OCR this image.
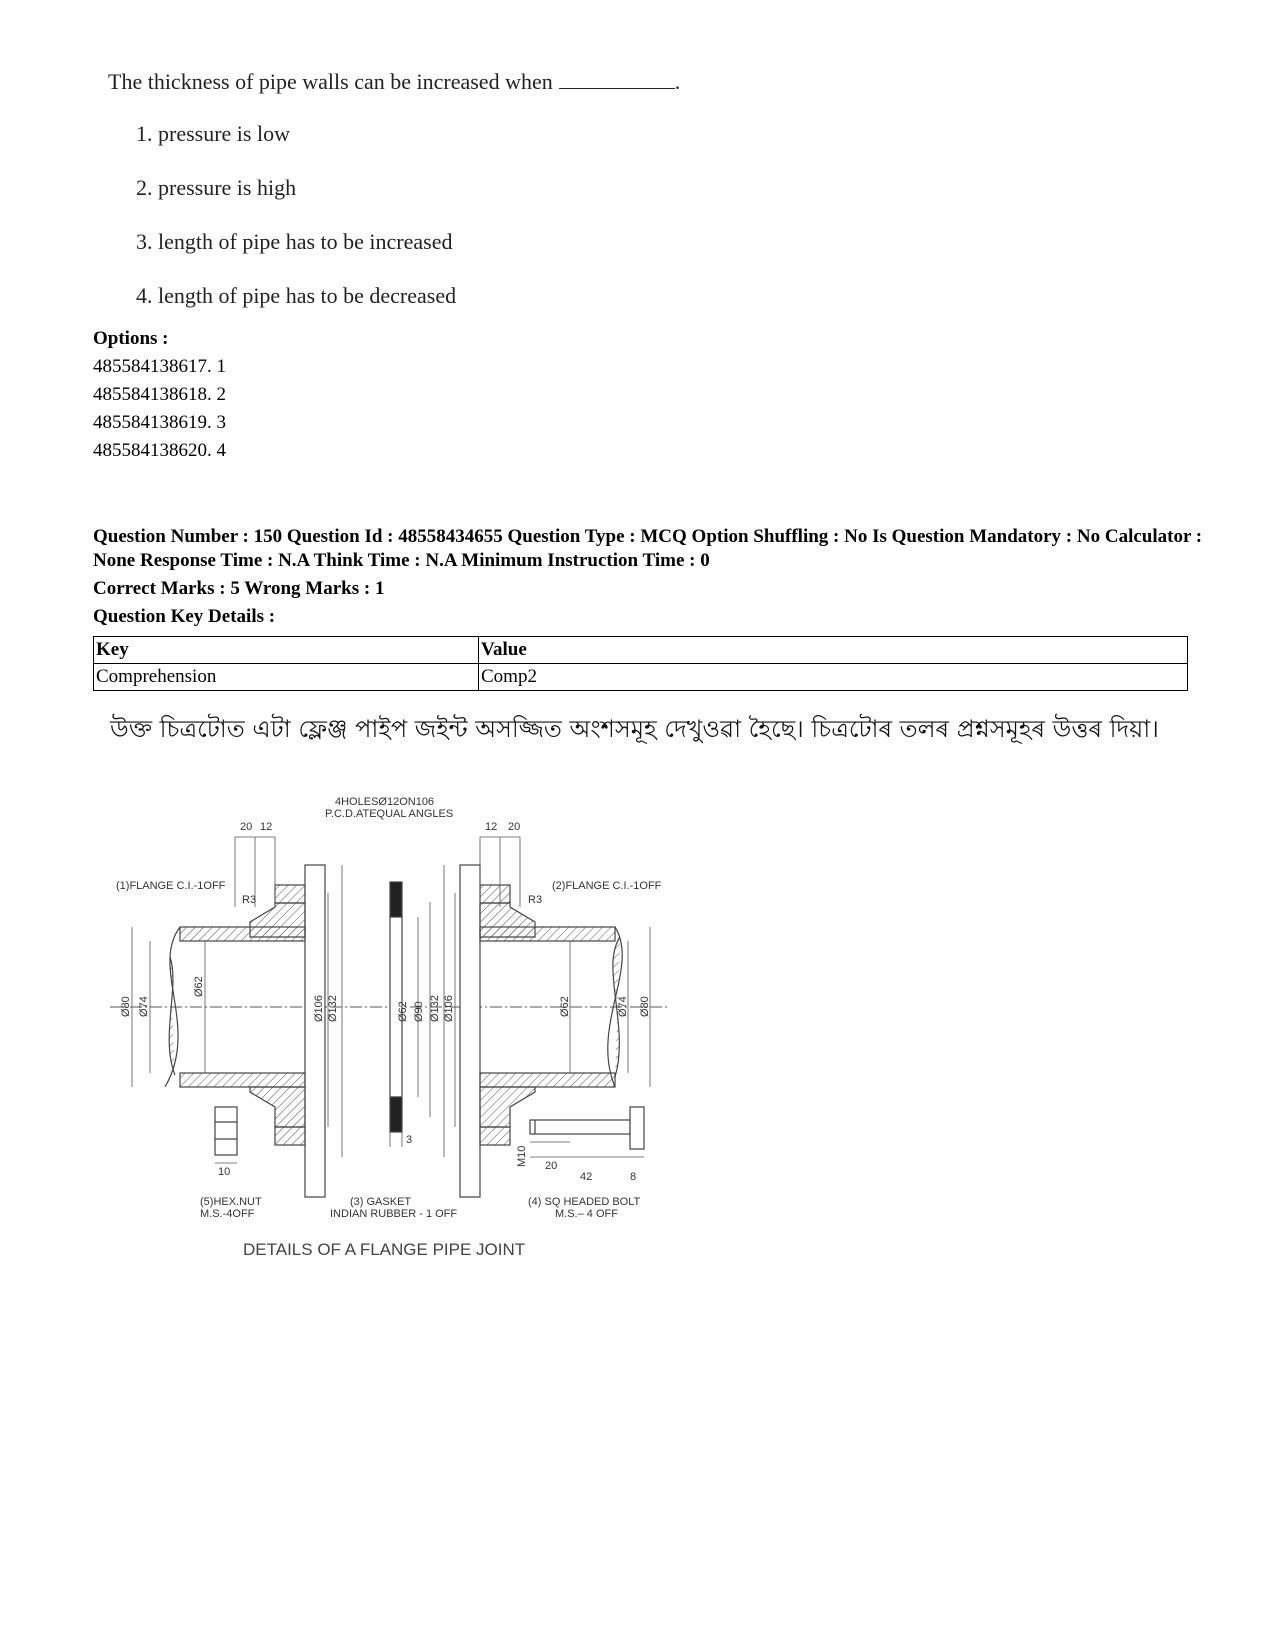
The thickness of pipe walls can be increased when	.
1. pressure is low
2. pressure is high
3. length of pipe has to be increased
4. length of pipe has to be decreased
Options :
485584138617. 1
485584138618. 2
485584138619. 3
485584138620. 4
Question Number : 150 Question Id : 48558434655 Question Type : MCQ Option Shuffling : No Is Question Mandatory : No Calculator : None Response Time : N.A Think Time : N.A Minimum Instruction Time : 0
Correct Marks : 5 Wrong Marks : 1
Question Key Details :
Key	Value
Comprehension	Comp2
উক্ত চিত্ৰটোত এটা ফ্লেঞ্জ পাইপ জইন্ট অসজ্জিত অংশসমূহ দেখুওৱা হৈছে। চিত্ৰটোৰ তলৰ প্ৰশ্নসমূহৰ উত্তৰ দিয়া।
4HOLESØ12ON106
P.C.D.ATEQUAL ANGLES
20 12	12 20
(1)FLANGE C.I.-1OFF	(2)FLANGE C.I.-1OFF
R3	R3
Ø80 Ø74
Ø62
Ø106 Ø132	Ø62 Ø90 Ø132 Ø106	Ø62	Ø74 Ø80
3
10	20
42	8
M10
(5)HEX.NUT
M.S.-4OFF
(3) GASKET
INDIAN RUBBER - 1 OFF
(4) SQ HEADED BOLT
M.S.– 4 OFF
DETAILS OF A FLANGE PIPE JOINT
